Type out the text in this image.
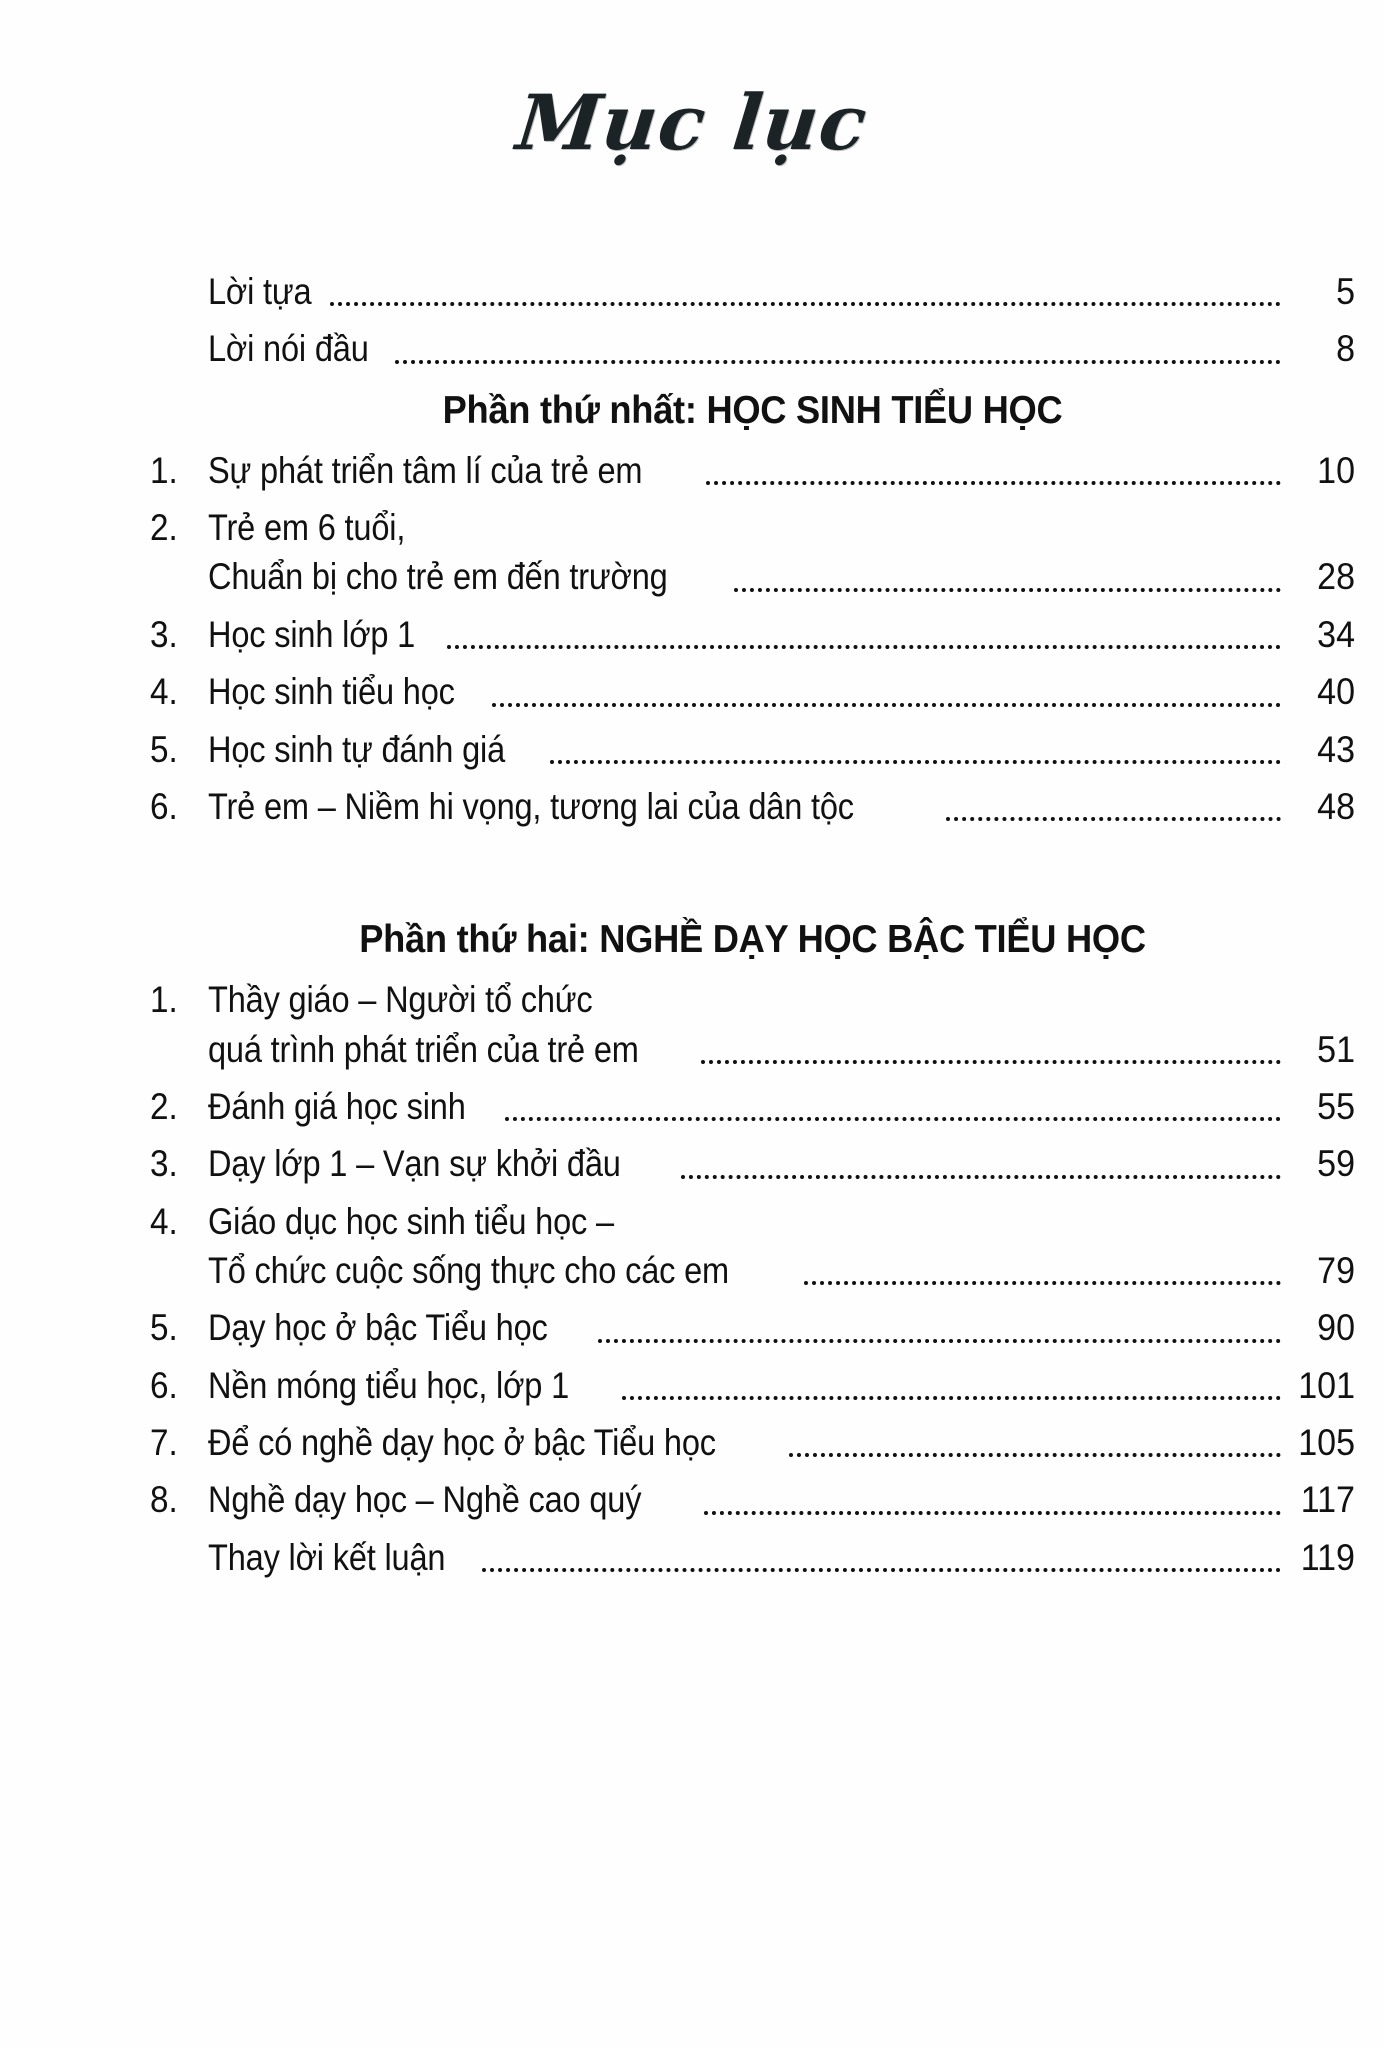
Mục lục
Lời tựa	5
Lời nói đầu	8
Phần thứ nhất: HỌC SINH TIỂU HỌC
1. Sự phát triển tâm lí của trẻ em	10
2. Trẻ em 6 tuổi,
Chuẩn bị cho trẻ em đến trường	28
3. Học sinh lớp 1	34
4. Học sinh tiểu học	40
5. Học sinh tự đánh giá	43
6. Trẻ em – Niềm hi vọng, tương lai của dân tộc	48
Phần thứ hai: NGHỀ DẠY HỌC BẬC TIỂU HỌC
1. Thầy giáo – Người tổ chức
quá trình phát triển của trẻ em	51
2. Đánh giá học sinh	55
3. Dạy lớp 1 – Vạn sự khởi đầu	59
4. Giáo dục học sinh tiểu học –
Tổ chức cuộc sống thực cho các em	79
5. Dạy học ở bậc Tiểu học	90
6. Nền móng tiểu học, lớp 1	101
7. Để có nghề dạy học ở bậc Tiểu học	105
8. Nghề dạy học – Nghề cao quý	117
Thay lời kết luận	119
